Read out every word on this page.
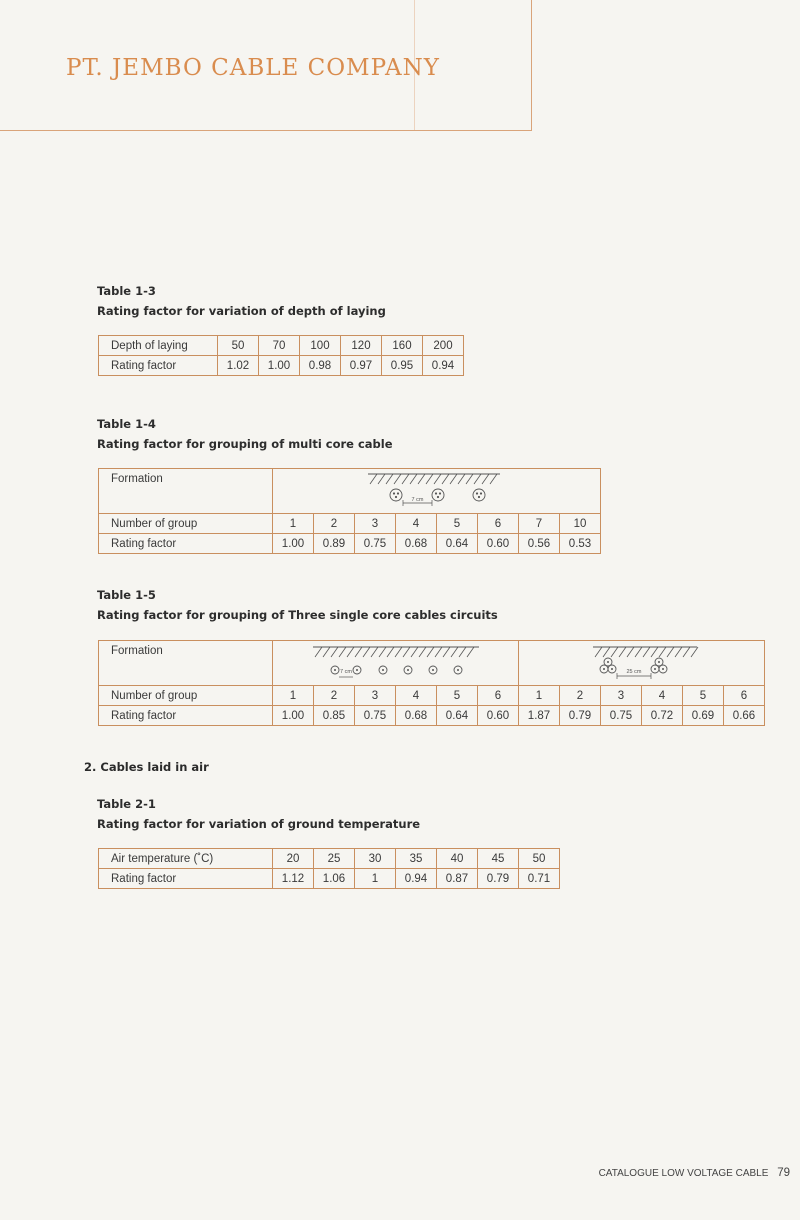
PT. JEMBO CABLE COMPANY
Table 1-3
Rating factor for variation of depth of laying
Depth of laying	50	70	100	120	160	200
Rating factor	1.02	1.00	0.98	0.97	0.95	0.94
Table 1-4
Rating factor for grouping of multi core cable
Formation	7 cm							

Number of group	1	2	3	4	5	6	7	10
Rating factor	1.00	0.89	0.75	0.68	0.64	0.60	0.56	0.53
Table 1-5
Rating factor for grouping of Three single core cables circuits
Formation	7 cm						25 cm					

Number of group	1	2	3	4	5	6	1	2	3	4	5	6
Rating factor	1.00	0.85	0.75	0.68	0.64	0.60	1.87	0.79	0.75	0.72	0.69	0.66
2. Cables laid in air
Table 2-1
Rating factor for variation of ground temperature
Air temperature (˚C)	20	25	30	35	40	45	50
Rating factor	1.12	1.06	1	0.94	0.87	0.79	0.71
CATALOGUE LOW VOLTAGE CABLE 79
